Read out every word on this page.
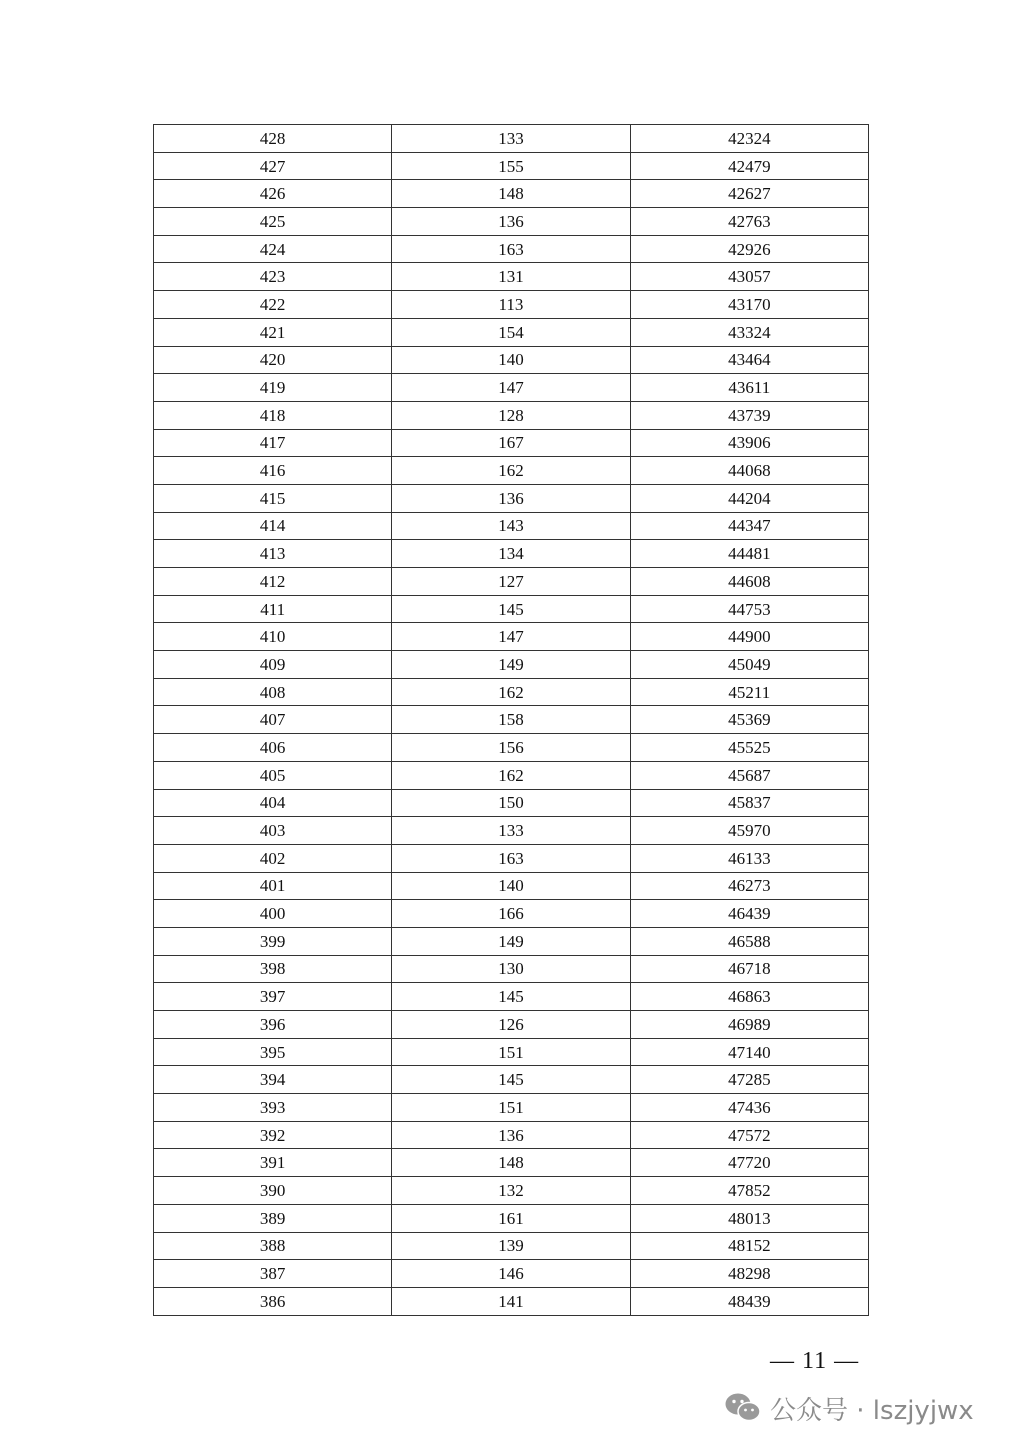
428	133	42324
427	155	42479
426	148	42627
425	136	42763
424	163	42926
423	131	43057
422	113	43170
421	154	43324
420	140	43464
419	147	43611
418	128	43739
417	167	43906
416	162	44068
415	136	44204
414	143	44347
413	134	44481
412	127	44608
411	145	44753
410	147	44900
409	149	45049
408	162	45211
407	158	45369
406	156	45525
405	162	45687
404	150	45837
403	133	45970
402	163	46133
401	140	46273
400	166	46439
399	149	46588
398	130	46718
397	145	46863
396	126	46989
395	151	47140
394	145	47285
393	151	47436
392	136	47572
391	148	47720
390	132	47852
389	161	48013
388	139	48152
387	146	48298
386	141	48439
— 11 —
公众号 · lszjyjwx
